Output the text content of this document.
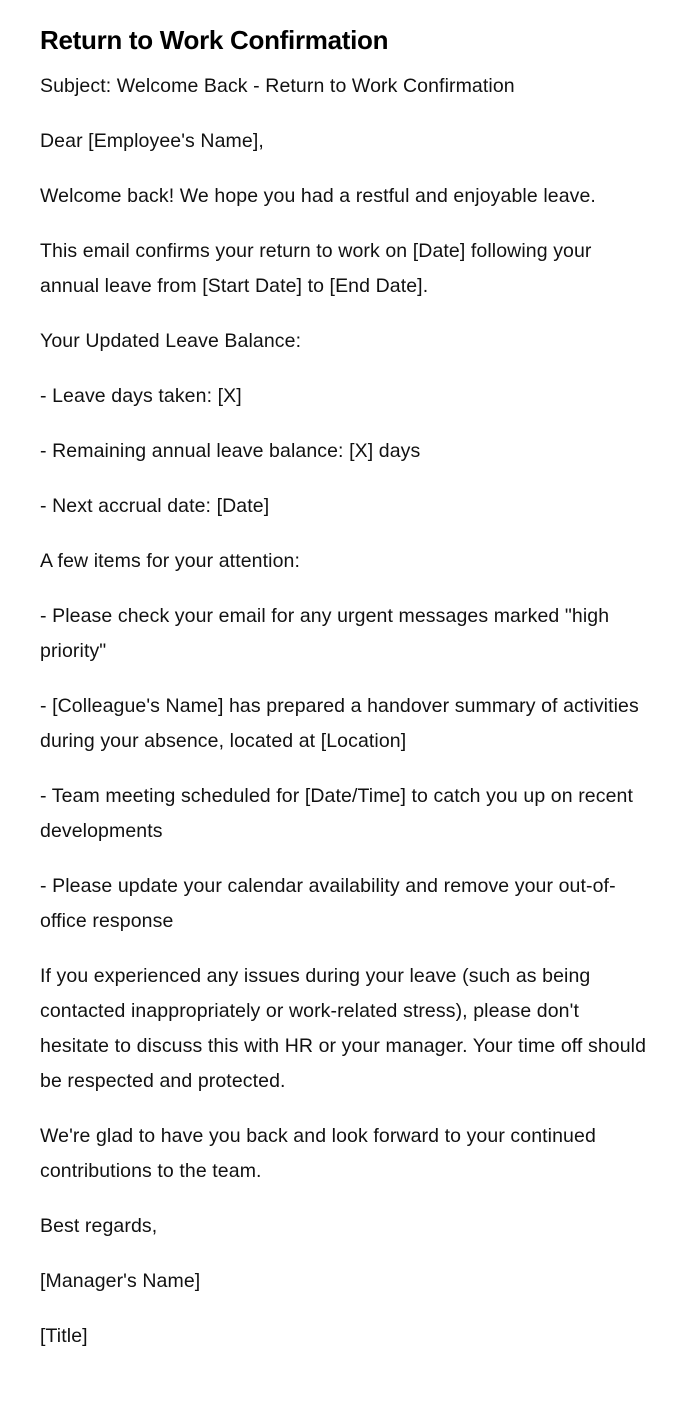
Return to Work Confirmation

Subject: Welcome Back - Return to Work Confirmation

Dear [Employee's Name],

Welcome back! We hope you had a restful and enjoyable leave.

This email confirms your return to work on [Date] following your annual leave from [Start Date] to [End Date].

Your Updated Leave Balance:

- Leave days taken: [X]

- Remaining annual leave balance: [X] days

- Next accrual date: [Date]

A few items for your attention:

- Please check your email for any urgent messages marked "high priority"

- [Colleague's Name] has prepared a handover summary of activities during your absence, located at [Location]

- Team meeting scheduled for [Date/Time] to catch you up on recent developments

- Please update your calendar availability and remove your out-of-office response

If you experienced any issues during your leave (such as being contacted inappropriately or work-related stress), please don't hesitate to discuss this with HR or your manager. Your time off should be respected and protected.

We're glad to have you back and look forward to your continued contributions to the team.

Best regards,

[Manager's Name]

[Title]
